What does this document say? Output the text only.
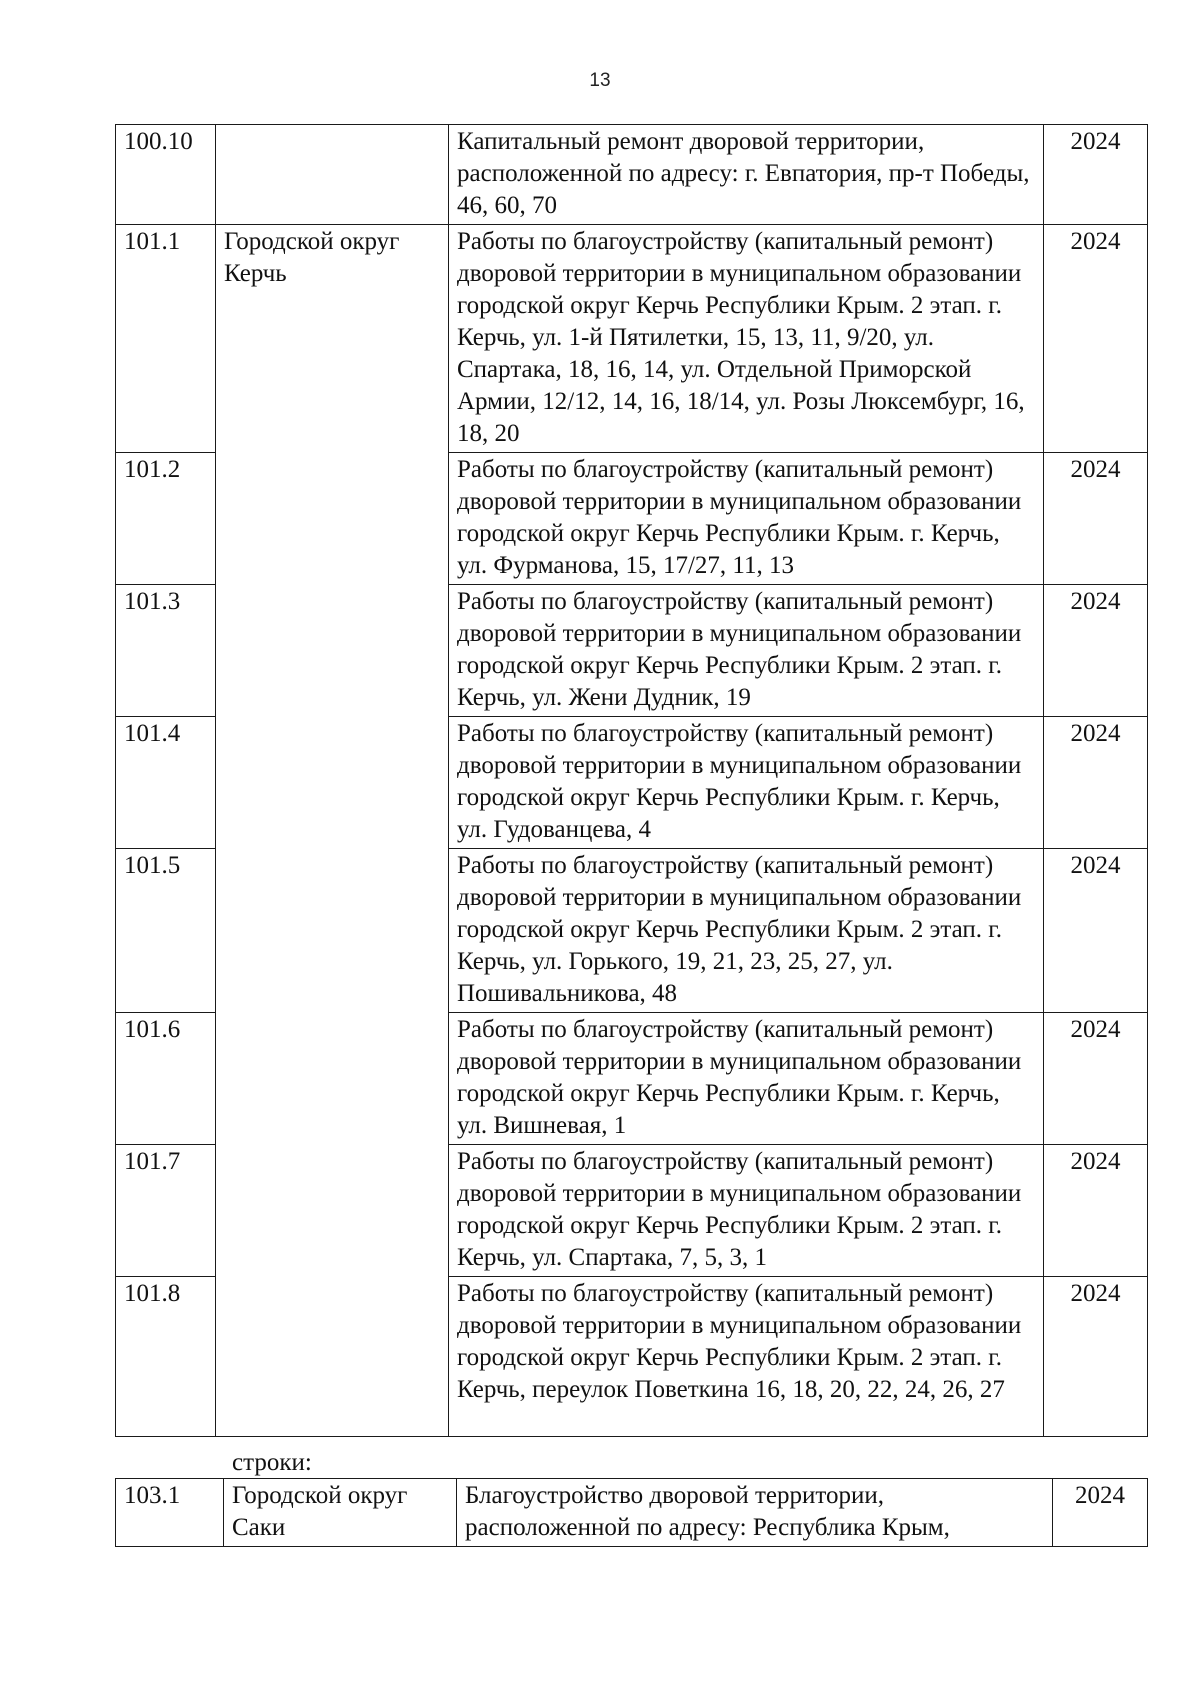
13
100.10		Капитальный ремонт дворовой территории, расположенной по адресу: г. Евпатория, пр-т Победы, 46, 60, 70	2024
101.1	Городской округ Керчь	Работы по благоустройству (капитальный ремонт) дворовой территории в муниципальном образовании городской округ Керчь Республики Крым. 2 этап. г. Керчь, ул. 1-й Пятилетки, 15, 13, 11, 9/20, ул. Спартака, 18, 16, 14, ул. Отдельной Приморской Армии, 12/12, 14, 16, 18/14, ул. Розы Люксембург, 16, 18, 20	2024
101.2		Работы по благоустройству (капитальный ремонт) дворовой территории в муниципальном образовании городской округ Керчь Республики Крым. г. Керчь, ул. Фурманова, 15, 17/27, 11, 13	2024
101.3		Работы по благоустройству (капитальный ремонт) дворовой территории в муниципальном образовании городской округ Керчь Республики Крым. 2 этап. г. Керчь, ул. Жени Дудник, 19	2024
101.4		Работы по благоустройству (капитальный ремонт) дворовой территории в муниципальном образовании городской округ Керчь Республики Крым. г. Керчь, ул. Гудованцева, 4	2024
101.5		Работы по благоустройству (капитальный ремонт) дворовой территории в муниципальном образовании городской округ Керчь Республики Крым. 2 этап. г. Керчь, ул. Горького, 19, 21, 23, 25, 27, ул. Пошивальникова, 48	2024
101.6		Работы по благоустройству (капитальный ремонт) дворовой территории в муниципальном образовании городской округ Керчь Республики Крым. г. Керчь, ул. Вишневая, 1	2024
101.7		Работы по благоустройству (капитальный ремонт) дворовой территории в муниципальном образовании городской округ Керчь Республики Крым. 2 этап. г. Керчь, ул. Спартака, 7, 5, 3, 1	2024
101.8		Работы по благоустройству (капитальный ремонт) дворовой территории в муниципальном образовании городской округ Керчь Республики Крым. 2 этап. г. Керчь, переулок Поветкина 16, 18, 20, 22, 24, 26, 27	2024
строки:
103.1	Городской округ Саки	Благоустройство дворовой территории, расположенной по адресу: Республика Крым,	2024
